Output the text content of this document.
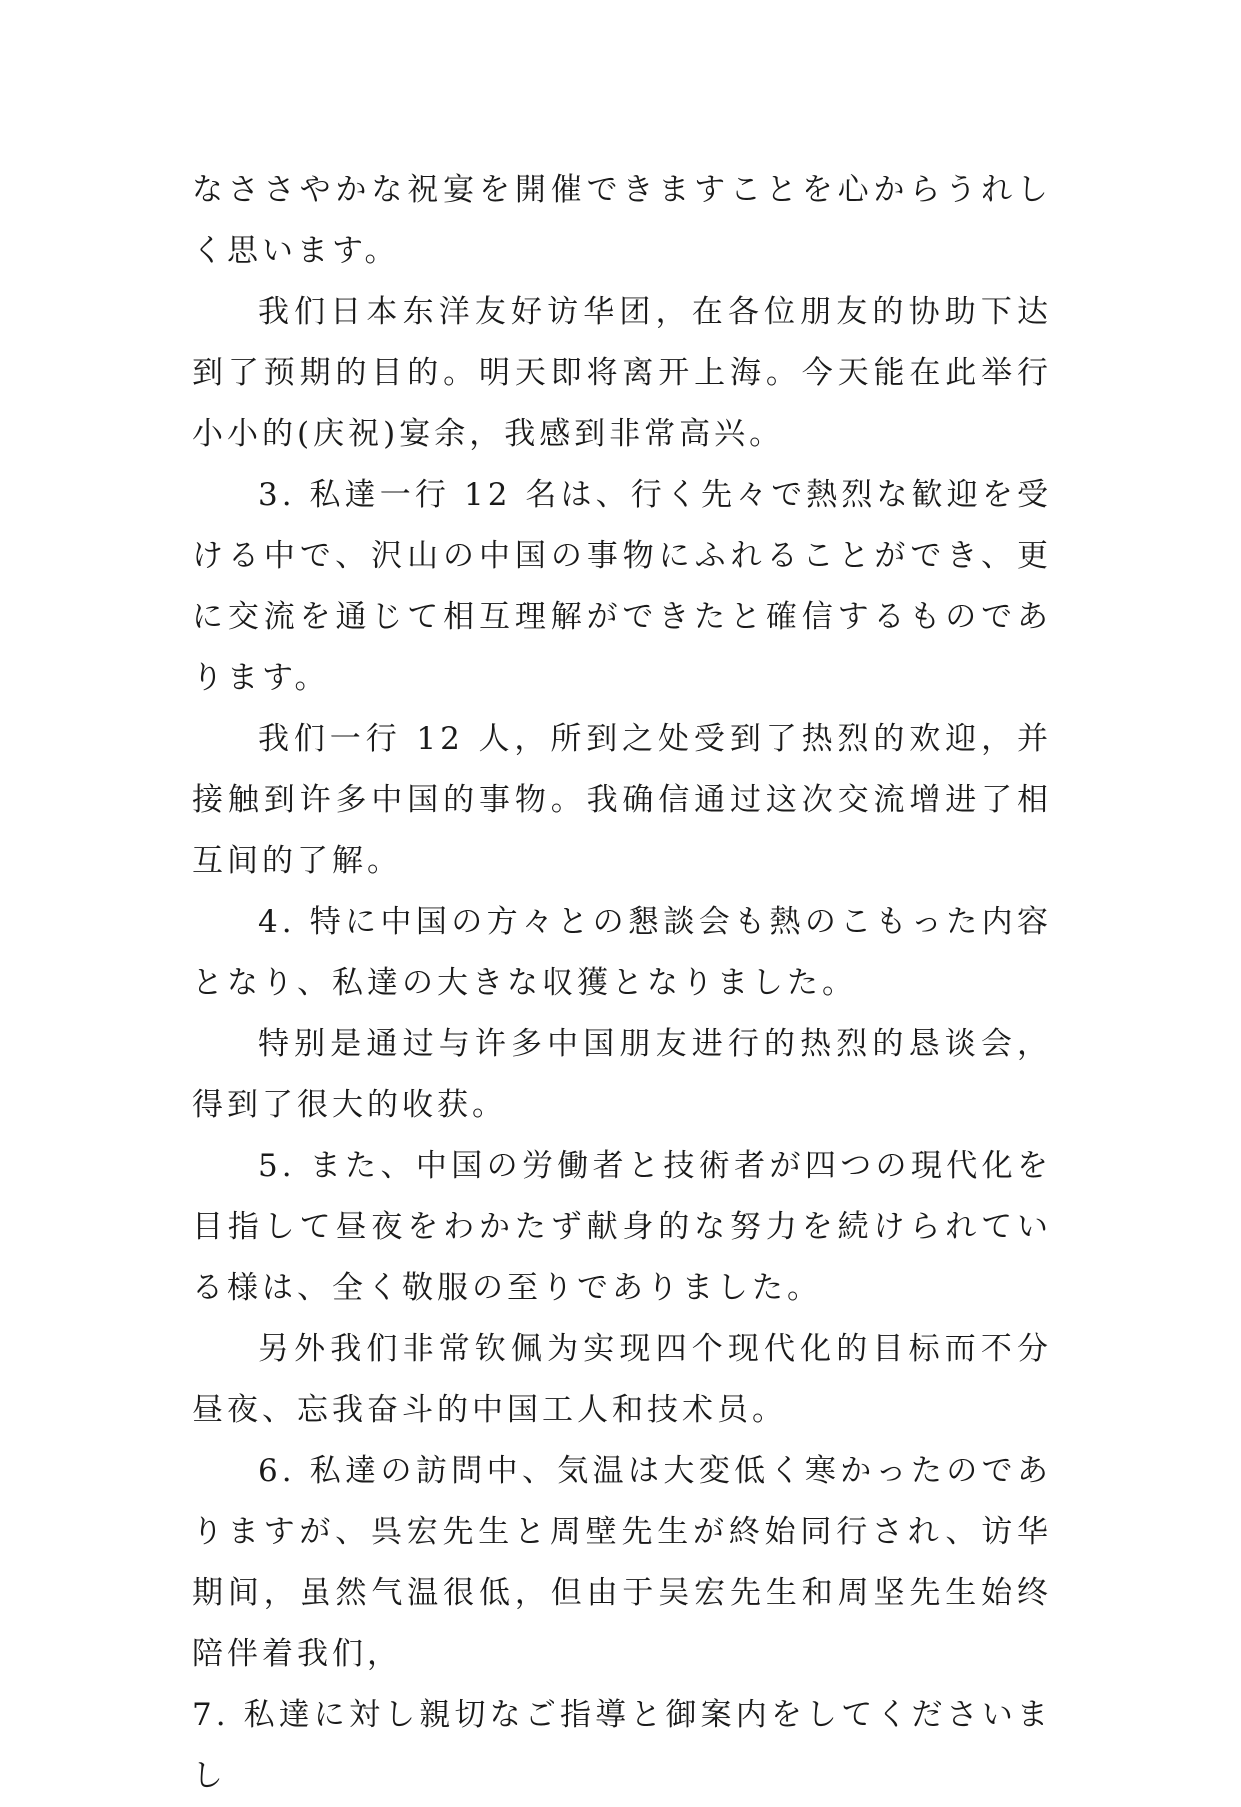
なささやかな祝宴を開催できますことを心からうれしく思います。

我们日本东洋友好访华团，在各位朋友的协助下达到了预期的目的。明天即将离开上海。今天能在此举行小小的(庆祝)宴余，我感到非常高兴。

3. 私達一行 12 名は、行く先々で熱烈な歓迎を受ける中で、沢山の中国の事物にふれることができ、更に交流を通じて相互理解ができたと確信するものであります。

我们一行 12 人，所到之处受到了热烈的欢迎，并接触到许多中国的事物。我确信通过这次交流增进了相互间的了解。

4. 特に中国の方々との懇談会も熱のこもった内容となり、私達の大きな収獲となりました。

特别是通过与许多中国朋友进行的热烈的恳谈会，得到了很大的收获。

5. また、中国の労働者と技術者が四つの現代化を目指して昼夜をわかたず献身的な努力を続けられている様は、全く敬服の至りでありました。

另外我们非常钦佩为实现四个现代化的目标而不分昼夜、忘我奋斗的中国工人和技术员。

6. 私達の訪問中、気温は大変低く寒かったのでありますが、呉宏先生と周壁先生が終始同行され、访华期间，虽然气温很低，但由于吴宏先生和周坚先生始终陪伴着我们，

7. 私達に対し親切なご指導と御案内をしてくださいまし
